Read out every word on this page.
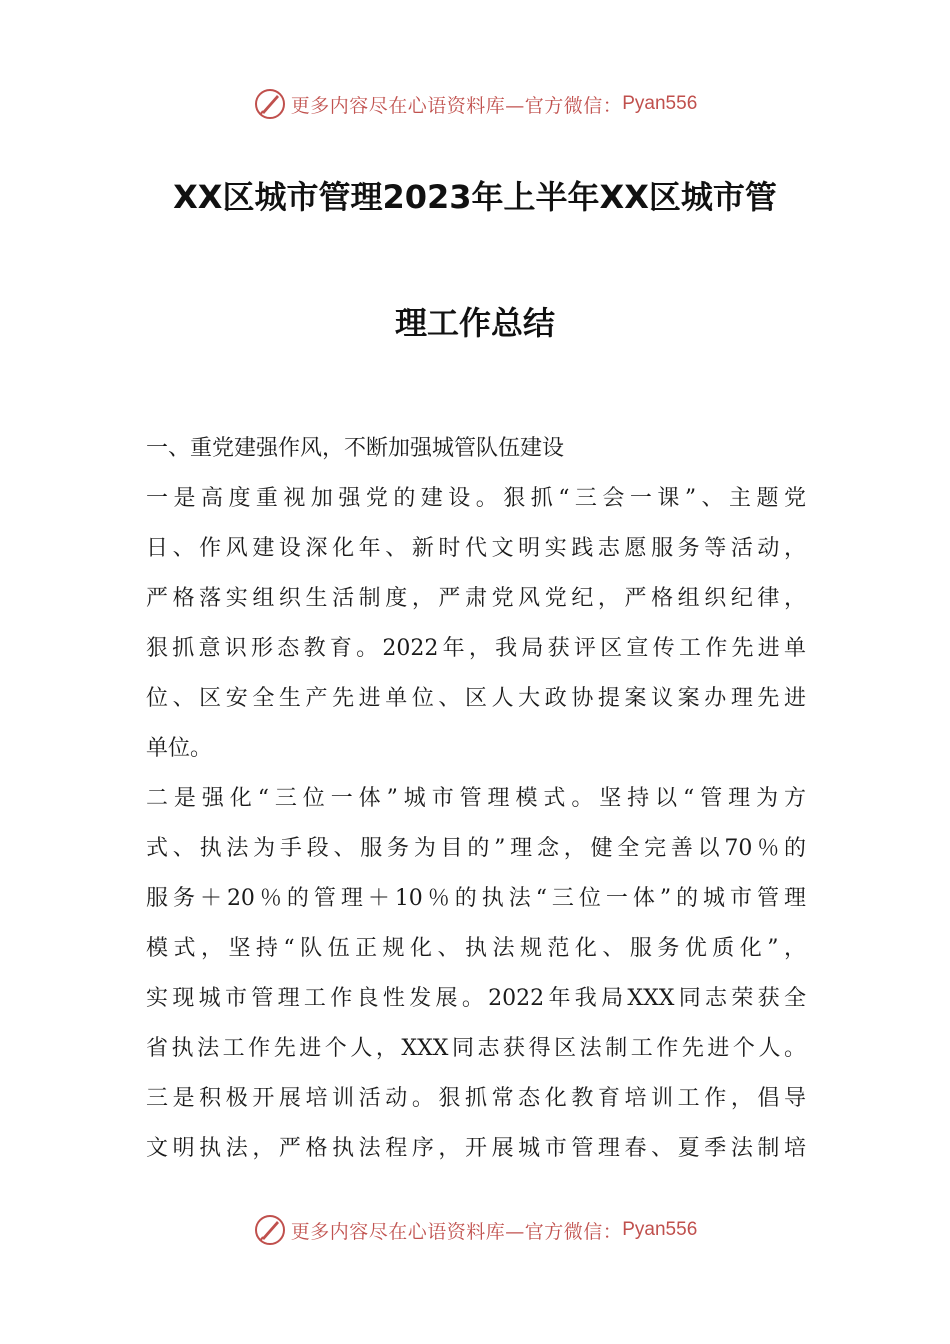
更多内容尽在心语资料库—官方微信： Pyan556
XX区城市管理2023年上半年XX区城市管
理工作总结
一、重党建强作风，不断加强城管队伍建设
一是高度重视加强党的建设。狠抓“三会一课”、主题党
日、作风建设深化年、新时代文明实践志愿服务等活动，
严格落实组织生活制度，严肃党风党纪，严格组织纪律，
狠抓意识形态教育。2022年，我局获评区宣传工作先进单
位、区安全生产先进单位、区人大政协提案议案办理先进
单位。
二是强化“三位一体”城市管理模式。坚持以“管理为方
式、执法为手段、服务为目的”理念，健全完善以70％的
服务＋20％的管理＋10％的执法“三位一体”的城市管理
模式，坚持“队伍正规化、执法规范化、服务优质化”，
实现城市管理工作良性发展。2022年我局XXX同志荣获全
省执法工作先进个人，XXX同志获得区法制工作先进个人。
三是积极开展培训活动。狠抓常态化教育培训工作，倡导
文明执法，严格执法程序，开展城市管理春、夏季法制培
更多内容尽在心语资料库—官方微信： Pyan556
